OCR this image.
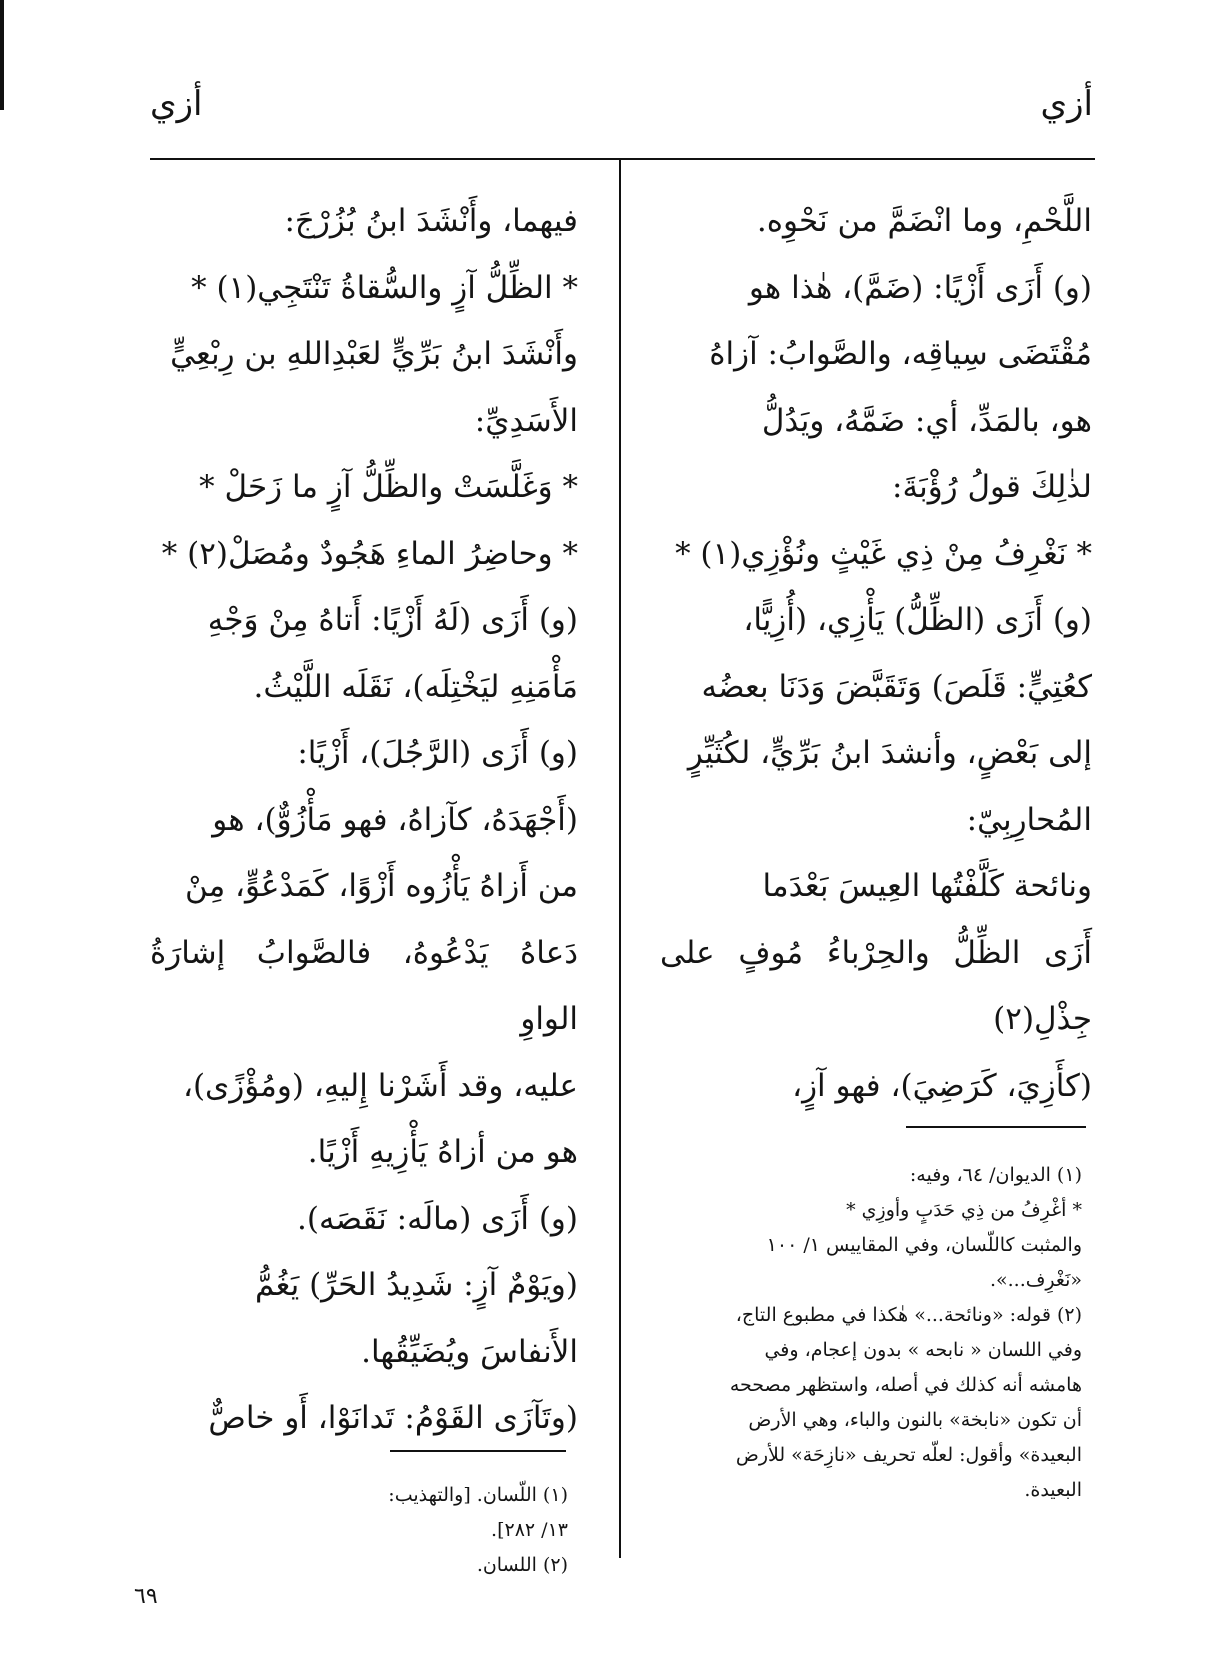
أزي
أزي

اللَّحْمِ، وما انْضَمَّ من نَحْوِه.

(و) أَزَى أَزْيًا: (ضَمَّ)، هٰذا هو

مُقْتَضَى سِياقِه، والصَّوابُ: آزاهُ

هو، بالمَدِّ، أي: ضَمَّهُ، ويَدُلُّ

لذٰلِكَ قولُ رُؤْبَةَ:

* نَغْرِفُ مِنْ ذِي غَيْثٍ ونُؤْزِي(١) *

(و) أَزَى (الظِّلُّ) يَأْزِي، (أُزِيًّا،

كعُتِيٍّ: قَلَصَ) وَتَقَبَّضَ وَدَنَا بعضُه

إلى بَعْضٍ، وأنشدَ ابنُ بَرِّيٍّ، لكُثَيِّرٍ

المُحارِبِيّ:

ونائحة كَلَّفْتُها العِيسَ بَعْدَما

أَزَى الظِّلُّ والحِرْباءُ مُوفٍ على جِذْلِ(٢)

(كأَزِيَ، كَرَضِيَ)، فهو آزٍ،

فيهما، وأَنْشَدَ ابنُ بُزُرْجَ:

* الظِّلُّ آزٍ والسُّقاةُ تَنْتَجِي(١) *

وأَنْشَدَ ابنُ بَرِّيٍّ لعَبْدِاللهِ بن رِبْعِيٍّ

الأَسَدِيِّ:

* وَغَلَّسَتْ والظِّلُّ آزٍ ما زَحَلْ *

* وحاضِرُ الماءِ هَجُودٌ ومُصَلْ(٢) *

(و) أَزَى (لَهُ أَزْيًا: أَتاهُ مِنْ وَجْهِ

مَأْمَنِهِ ليَخْتِلَه)، نَقَلَه اللَّيْثُ.

(و) أَزَى (الرَّجُلَ)، أَزْيًا:

(أَجْهَدَهُ، كآزاهُ، فهو مَأْزُوٌّ)، هو

من أَزاهُ يَأْزُوه أَزْوًا، كَمَدْعُوٍّ، مِنْ

دَعاهُ يَدْعُوهُ، فالصَّوابُ إشارَةُ الواوِ

عليه، وقد أَشَرْنا إِليهِ، (ومُؤْزًى)،

هو من أزاهُ يَأْزِيهِ أَزْيًا.

(و) أَزَى (مالَه: نَقَصَه).

(ويَوْمٌ آزٍ: شَدِيدُ الحَرِّ) يَغُمُّ

الأَنفاسَ ويُضَيِّقُها.

(وتَآزَى القَوْمُ: تَدانَوْا، أَو خاصٌّ

(١) الديوان/ ٦٤، وفيه:

* أغْرِفُ من ذِي حَدَبٍ وأوزِي *

والمثبت كاللّسان، وفي المقاييس ١/ ١٠٠

«نَغْرِف...».

(٢) قوله: «ونائحة...» هٰكذا في مطبوع التاج،

وفي اللسان « نابحه » بدون إعجام، وفي

هامشه أنه كذلك في أصله، واستظهر مصححه

أن تكون «نابخة» بالنون والباء، وهي الأرض

البعيدة» وأقول: لعلّه تحريف «نازِحَة» للأرض

البعيدة.

(١) اللّسان. [والتهذيب: ١٣/ ٢٨٢].

(٢) اللسان.

٦٩
